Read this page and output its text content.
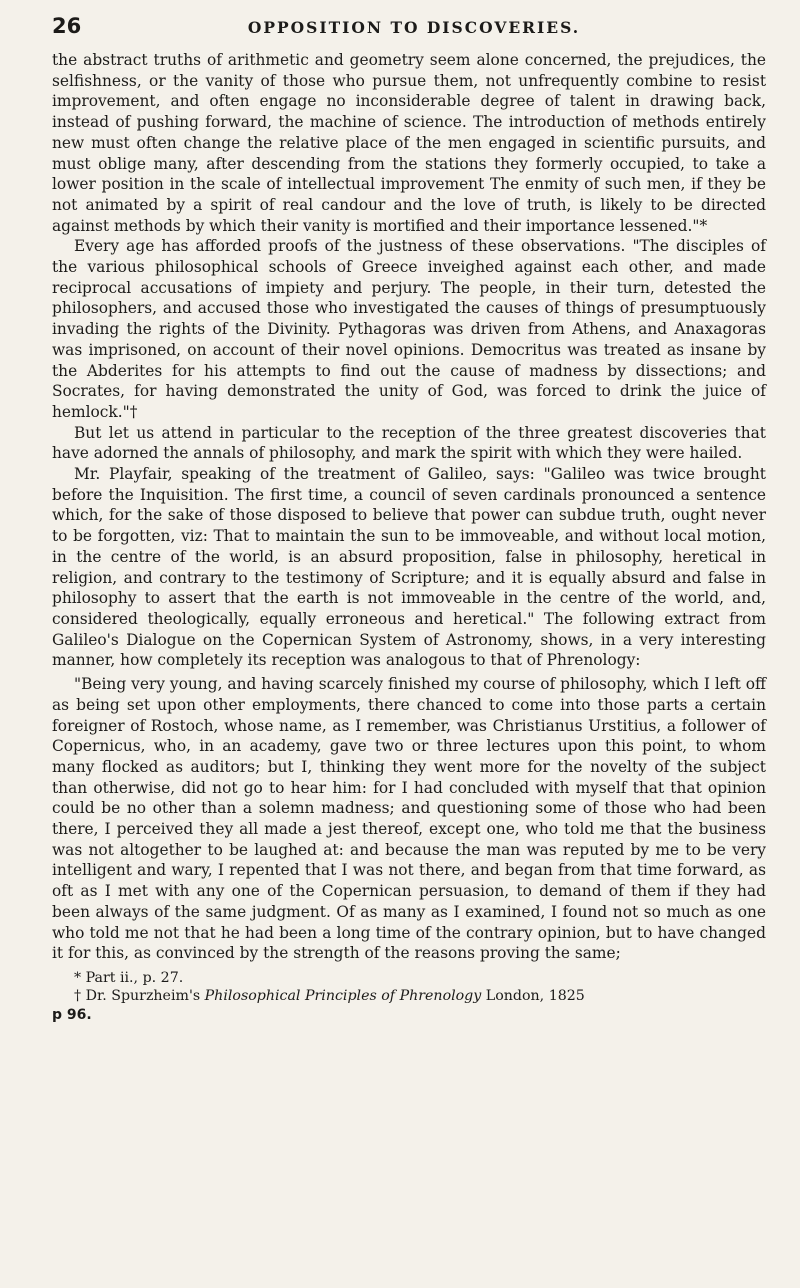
26	OPPOSITION TO DISCOVERIES.

the abstract truths of arithmetic and geometry seem alone concerned, the prejudices, the selfishness, or the vanity of those who pursue them, not unfrequently combine to resist improvement, and often engage no inconsiderable degree of talent in drawing back, instead of pushing forward, the machine of science. The introduction of methods entirely new must often change the relative place of the men engaged in scientific pursuits, and must oblige many, after descending from the stations they formerly occupied, to take a lower position in the scale of intellectual improvement The enmity of such men, if they be not animated by a spirit of real candour and the love of truth, is likely to be directed against methods by which their vanity is mortified and their importance lessened."*

Every age has afforded proofs of the justness of these observations. "The disciples of the various philosophical schools of Greece inveighed against each other, and made reciprocal accusations of impiety and perjury. The people, in their turn, detested the philosophers, and accused those who investigated the causes of things of presumptuously invading the rights of the Divinity. Pythagoras was driven from Athens, and Anaxagoras was imprisoned, on account of their novel opinions. Democritus was treated as insane by the Abderites for his attempts to find out the cause of madness by dissections; and Socrates, for having demonstrated the unity of God, was forced to drink the juice of hemlock."†

But let us attend in particular to the reception of the three greatest discoveries that have adorned the annals of philosophy, and mark the spirit with which they were hailed.

Mr. Playfair, speaking of the treatment of Galileo, says: "Galileo was twice brought before the Inquisition. The first time, a council of seven cardinals pronounced a sentence which, for the sake of those disposed to believe that power can subdue truth, ought never to be forgotten, viz: That to maintain the sun to be immoveable, and without local motion, in the centre of the world, is an absurd proposition, false in philosophy, heretical in religion, and contrary to the testimony of Scripture; and it is equally absurd and false in philosophy to assert that the earth is not immoveable in the centre of the world, and, considered theologically, equally erroneous and heretical." The following extract from Galileo's Dialogue on the Copernican System of Astronomy, shows, in a very interesting manner, how completely its reception was analogous to that of Phrenology:

"Being very young, and having scarcely finished my course of philosophy, which I left off as being set upon other employments, there chanced to come into those parts a certain foreigner of Rostoch, whose name, as I remember, was Christianus Urstitius, a follower of Copernicus, who, in an academy, gave two or three lectures upon this point, to whom many flocked as auditors; but I, thinking they went more for the novelty of the subject than otherwise, did not go to hear him: for I had concluded with myself that that opinion could be no other than a solemn madness; and questioning some of those who had been there, I perceived they all made a jest thereof, except one, who told me that the business was not altogether to be laughed at: and because the man was reputed by me to be very intelligent and wary, I repented that I was not there, and began from that time forward, as oft as I met with any one of the Copernican persuasion, to demand of them if they had been always of the same judgment. Of as many as I examined, I found not so much as one who told me not that he had been a long time of the contrary opinion, but to have changed it for this, as convinced by the strength of the reasons proving the same;

* Part ii., p. 27.

† Dr. Spurzheim's Philosophical Principles of Phrenology London, 1825

p 96.
